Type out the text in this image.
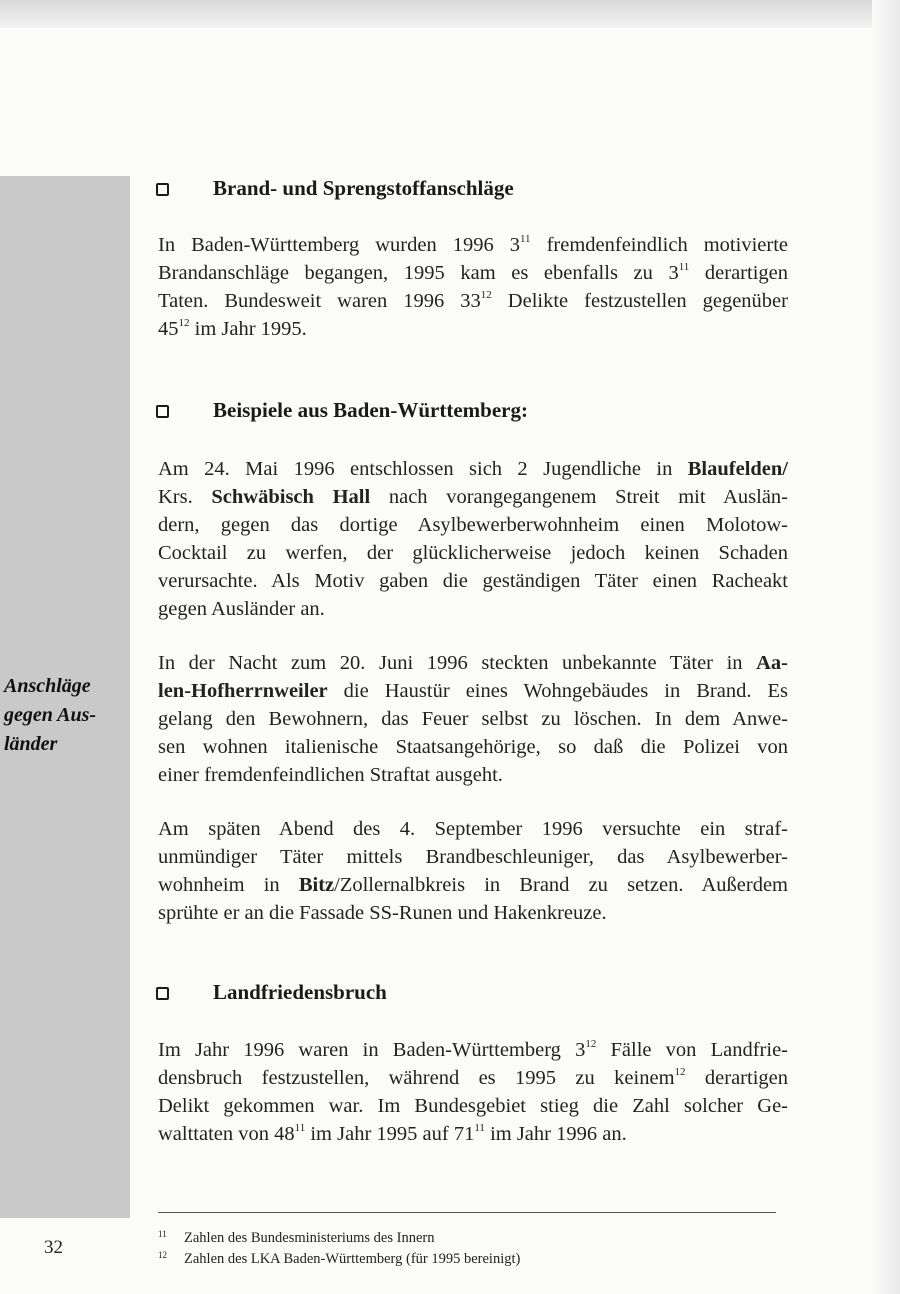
Anschläge
gegen Aus-
länder
Brand- und Sprengstoffanschläge
In Baden-Württemberg wurden 1996 $3^{11}$ fremdenfeindlich motivierte
Brandanschläge begangen, 1995 kam es ebenfalls zu $3^{11}$ derartigen
Taten. Bundesweit waren 1996 $33^{12}$ Delikte festzustellen gegenüber
$45^{12}$ im Jahr 1995.
Beispiele aus Baden-Württemberg:
Am 24. Mai 1996 entschlossen sich 2 Jugendliche in Blaufelden/
Krs. Schwäbisch Hall nach vorangegangenem Streit mit Auslän-
dern, gegen das dortige Asylbewerberwohnheim einen Molotow-
Cocktail zu werfen, der glücklicherweise jedoch keinen Schaden
verursachte. Als Motiv gaben die geständigen Täter einen Racheakt
gegen Ausländer an.
In der Nacht zum 20. Juni 1996 steckten unbekannte Täter in Aa-
len-Hofherrnweiler die Haustür eines Wohngebäudes in Brand. Es
gelang den Bewohnern, das Feuer selbst zu löschen. In dem Anwe-
sen wohnen italienische Staatsangehörige, so daß die Polizei von
einer fremdenfeindlichen Straftat ausgeht.
Am späten Abend des 4. September 1996 versuchte ein straf-
unmündiger Täter mittels Brandbeschleuniger, das Asylbewerber-
wohnheim in Bitz/Zollernalbkreis in Brand zu setzen. Außerdem
sprühte er an die Fassade SS-Runen und Hakenkreuze.
Landfriedensbruch
Im Jahr 1996 waren in Baden-Württemberg $3^{12}$ Fälle von Landfrie-
densbruch festzustellen, während es 1995 zu keinem$^{12}$ derartigen
Delikt gekommen war. Im Bundesgebiet stieg die Zahl solcher Ge-
walttaten von $48^{11}$ im Jahr 1995 auf $71^{11}$ im Jahr 1996 an.
32
11 Zahlen des Bundesministeriums des Innern
12 Zahlen des LKA Baden-Württemberg (für 1995 bereinigt)
